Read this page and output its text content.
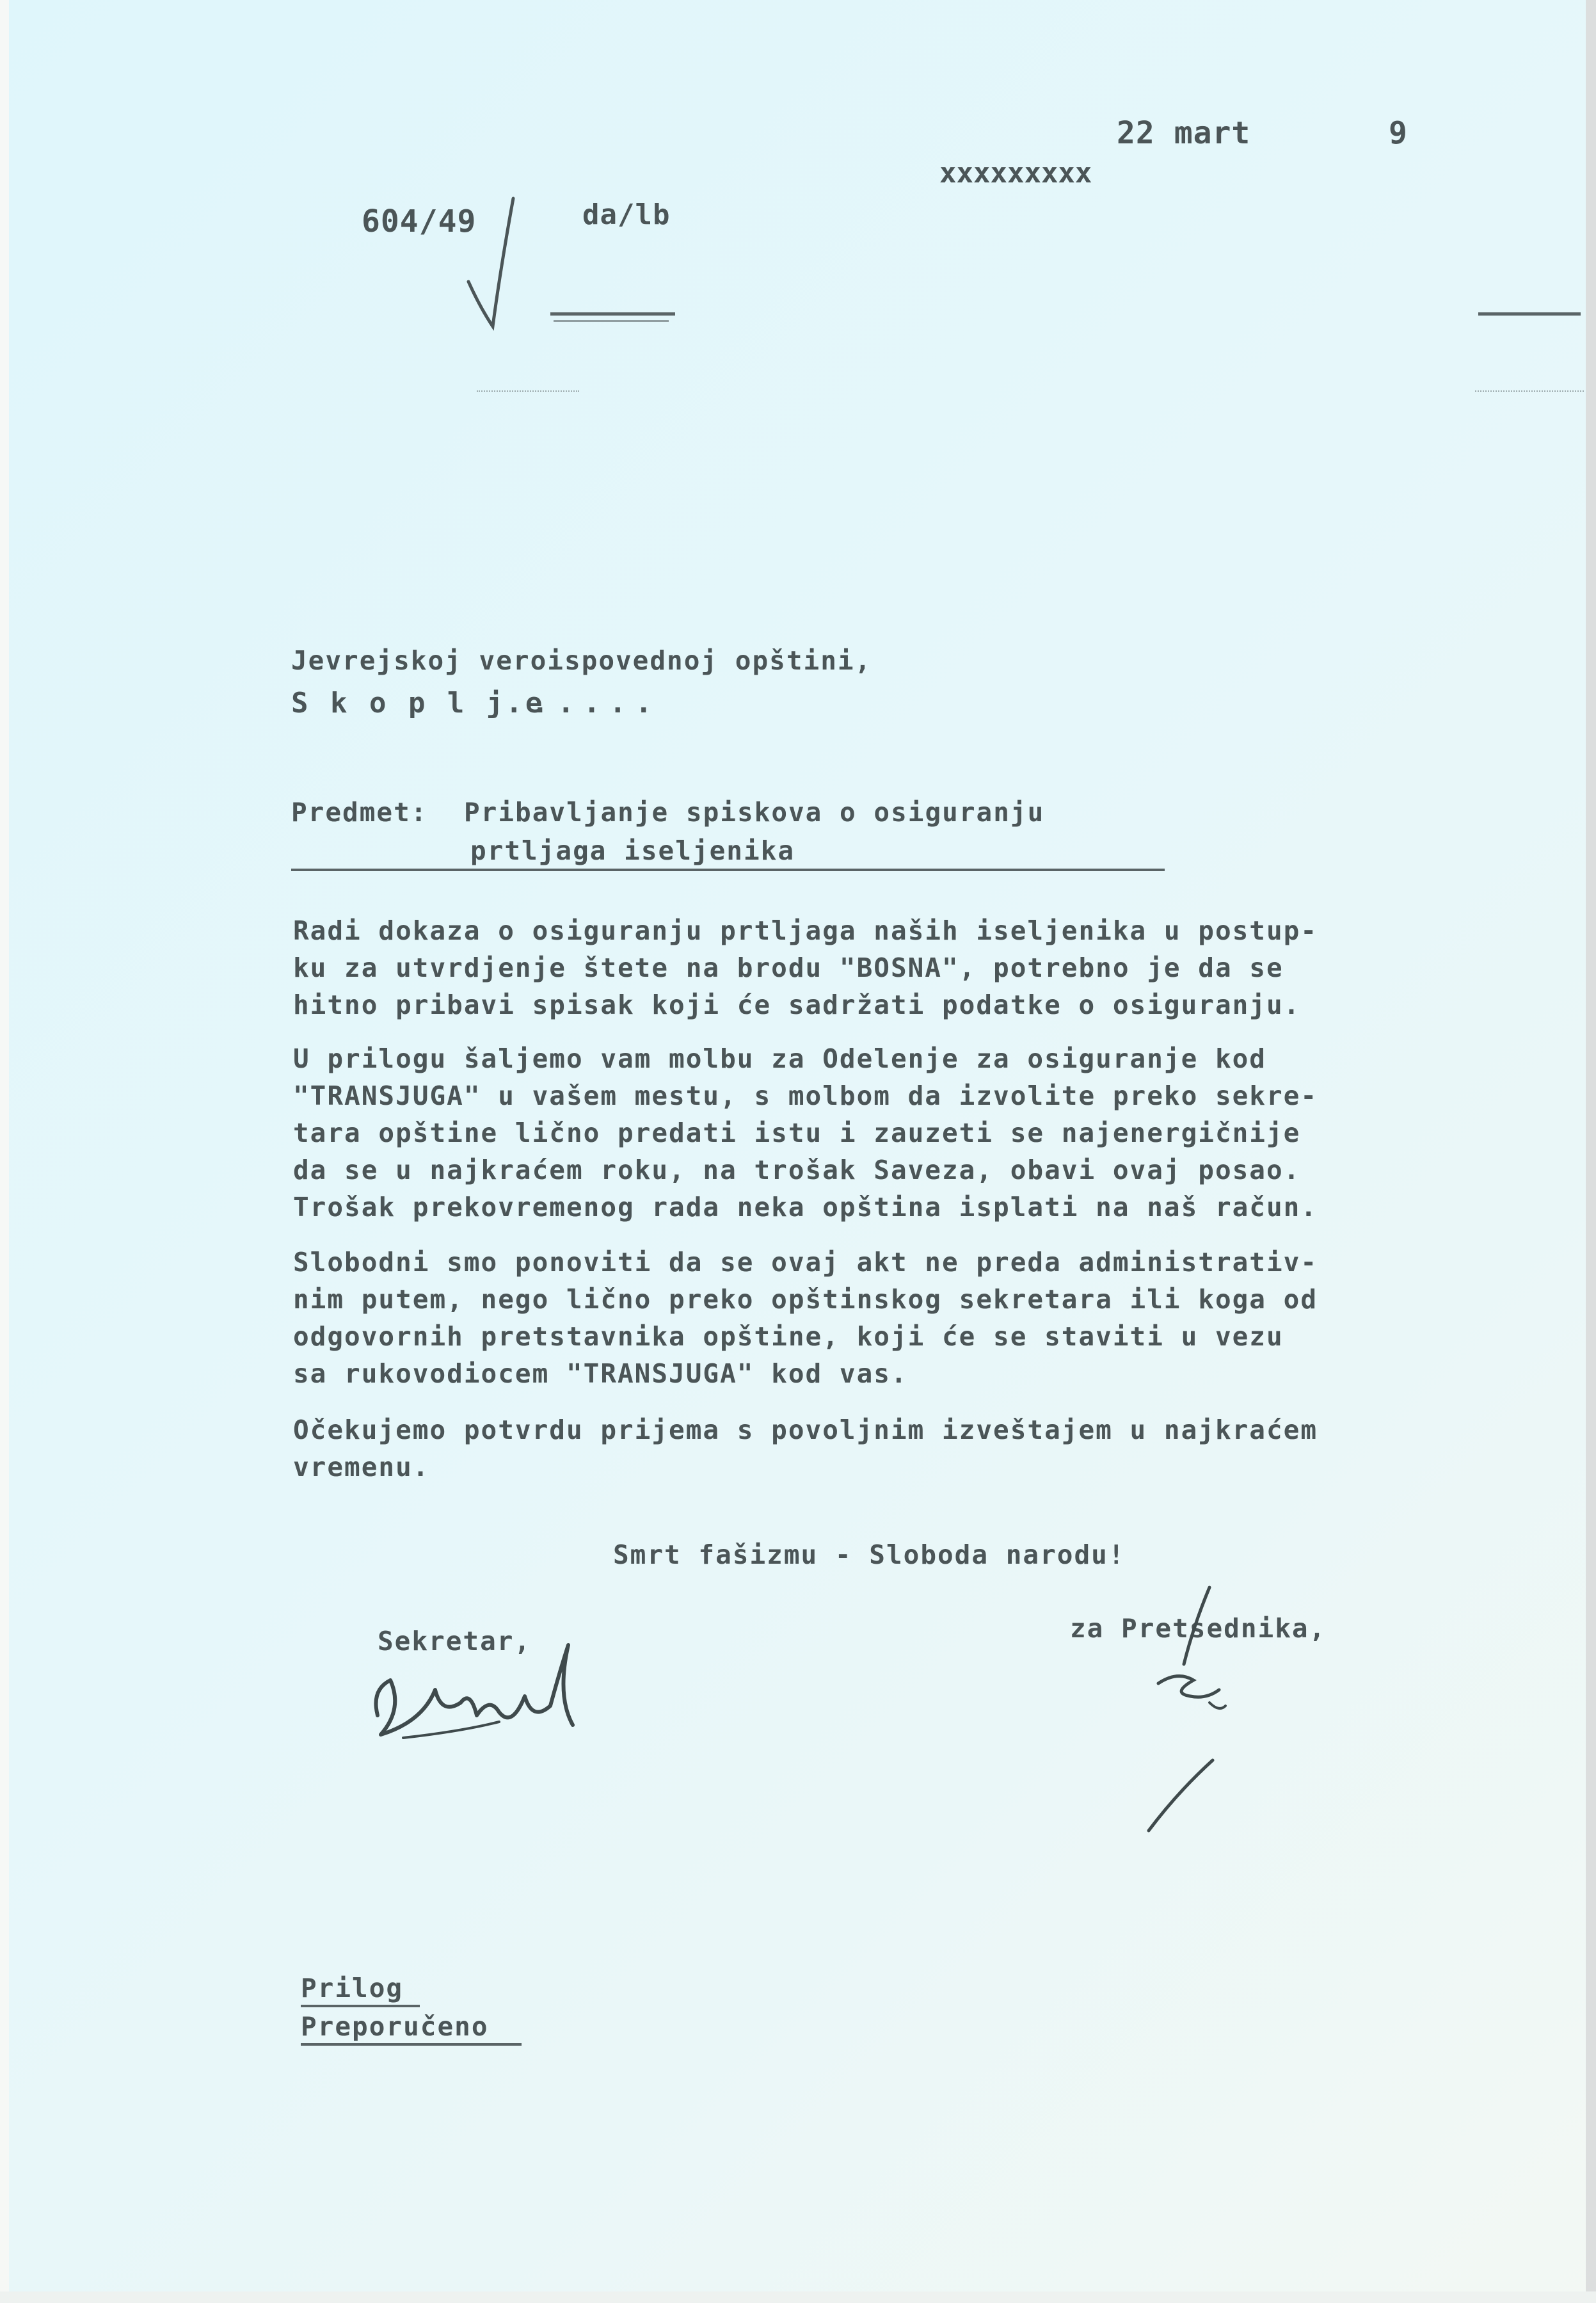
22 mart	9
xxxxxxxxx
604/49	da/lb
Jevrejskoj veroispovednoj opštini,
S k o p l j e
......
Predmet: Pribavljanje spiskova o osiguranju
prtljaga iseljenika
Radi dokaza o osiguranju prtljaga naših iseljenika u postup-
ku za utvrdjenje štete na brodu "BOSNA", potrebno je da se
hitno pribavi spisak koji će sadržati podatke o osiguranju.
U prilogu šaljemo vam molbu za Odelenje za osiguranje kod
"TRANSJUGA" u vašem mestu, s molbom da izvolite preko sekre-
tara opštine lično predati istu i zauzeti se najenergičnije
da se u najkraćem roku, na trošak Saveza, obavi ovaj posao.
Trošak prekovremenog rada neka opština isplati na naš račun.
Slobodni smo ponoviti da se ovaj akt ne preda administrativ-
nim putem, nego lično preko opštinskog sekretara ili koga od
odgovornih pretstavnika opštine, koji će se staviti u vezu
sa rukovodiocem "TRANSJUGA" kod vas.
Očekujemo potvrdu prijema s povoljnim izveštajem u najkraćem
vremenu.
Smrt fašizmu - Sloboda narodu!
Sekretar,	za Pretsednika,
Prilog
Preporučeno
